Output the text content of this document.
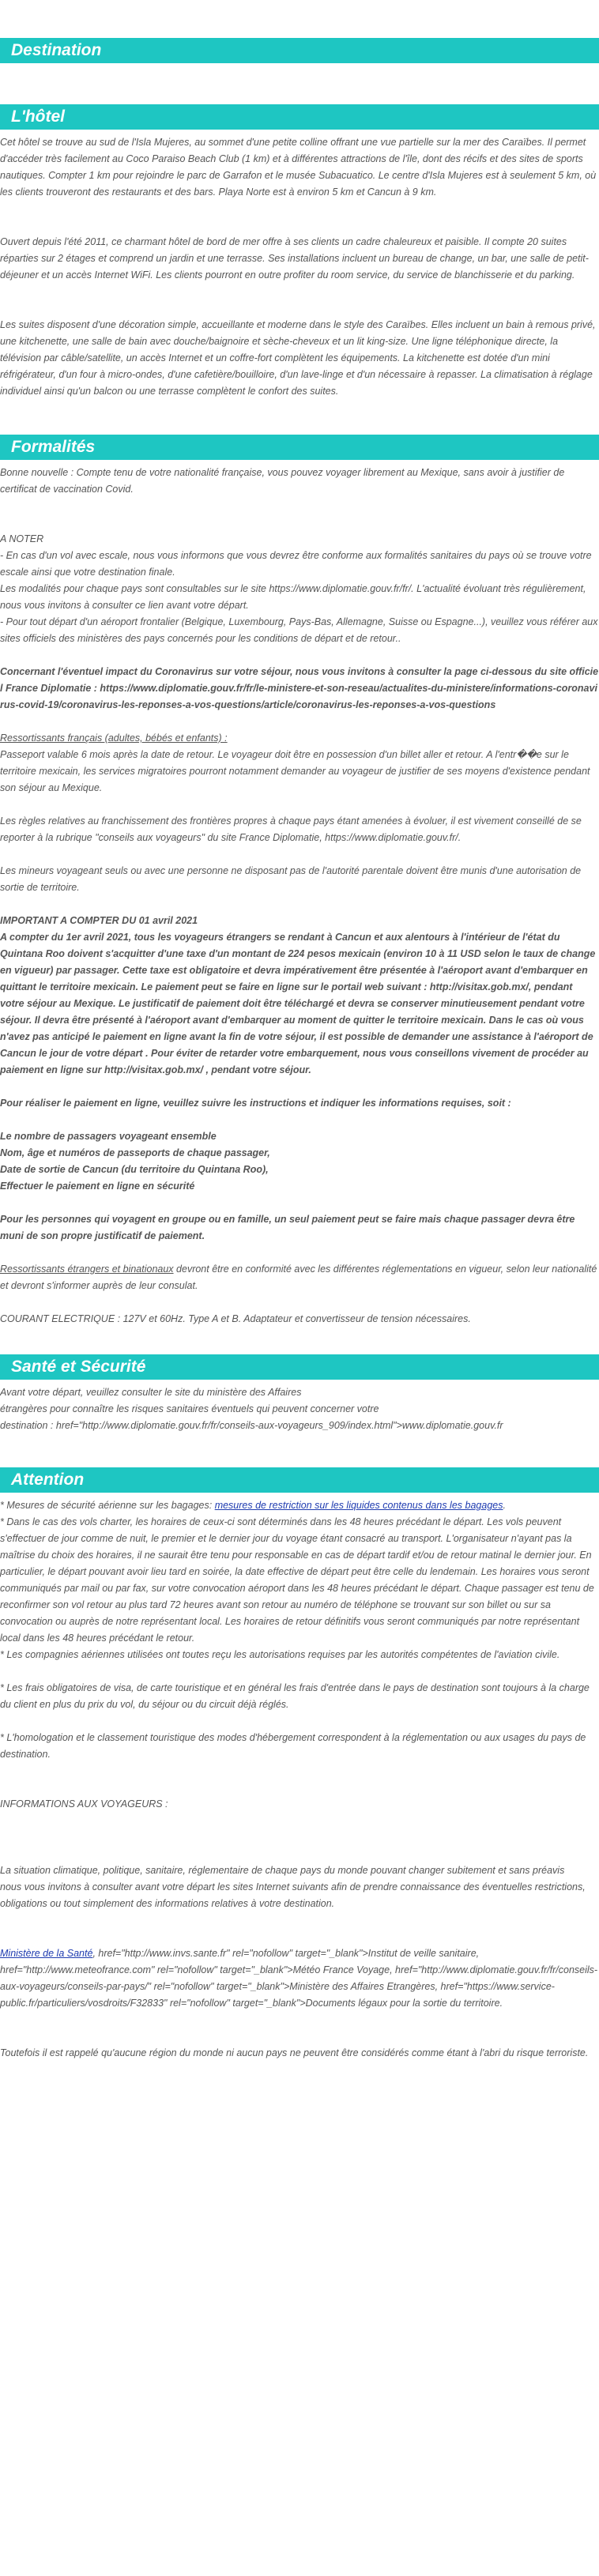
Destination
L'hôtel

Cet hôtel se trouve au sud de l'Isla Mujeres, au sommet d'une petite colline offrant une vue partielle sur la mer des Caraïbes. Il permet d'accéder très facilement au Coco Paraiso Beach Club (1 km) et à différentes attractions de l'île, dont des récifs et des sites de sports nautiques. Compter 1 km pour rejoindre le parc de Garrafon et le musée Subacuatico. Le centre d'Isla Mujeres est à seulement 5 km, où les clients trouveront des restaurants et des bars. Playa Norte est à environ 5 km et Cancun à 9 km.

Ouvert depuis l'été 2011, ce charmant hôtel de bord de mer offre à ses clients un cadre chaleureux et paisible. Il compte 20 suites réparties sur 2 étages et comprend un jardin et une terrasse. Ses installations incluent un bureau de change, un bar, une salle de petit-déjeuner et un accès Internet WiFi. Les clients pourront en outre profiter du room service, du service de blanchisserie et du parking.

Les suites disposent d'une décoration simple, accueillante et moderne dans le style des Caraïbes. Elles incluent un bain à remous privé, une kitchenette, une salle de bain avec douche/baignoire et sèche-cheveux et un lit king-size. Une ligne téléphonique directe, la télévision par câble/satellite, un accès Internet et un coffre-fort complètent les équipements. La kitchenette est dotée d'un mini réfrigérateur, d'un four à micro-ondes, d'une cafetière/bouilloire, d'un lave-linge et d'un nécessaire à repasser. La climatisation à réglage individuel ainsi qu'un balcon ou une terrasse complètent le confort des suites.

Formalités

Bonne nouvelle : Compte tenu de votre nationalité française, vous pouvez voyager librement au Mexique, sans avoir à justifier de certificat de vaccination Covid.

A NOTER

- En cas d'un vol avec escale, nous vous informons que vous devrez être conforme aux formalités sanitaires du pays où se trouve votre escale ainsi que votre destination finale.

Les modalités pour chaque pays sont consultables sur le site https://www.diplomatie.gouv.fr/fr/. L'actualité évoluant très régulièrement, nous vous invitons à consulter ce lien avant votre départ.

- Pour tout départ d'un aéroport frontalier (Belgique, Luxembourg, Pays-Bas, Allemagne, Suisse ou Espagne...), veuillez vous référer aux sites officiels des ministères des pays concernés pour les conditions de départ et de retour..

Concernant l'éventuel impact du Coronavirus sur votre séjour, nous vous invitons à consulter la page ci-dessous du site officiel France Diplomatie : https://www.diplomatie.gouv.fr/fr/le-ministere-et-son-reseau/actualites-du-ministere/informations-coronavirus-covid-19/coronavirus-les-reponses-a-vos-questions/article/coronavirus-les-reponses-a-vos-questions

Ressortissants français (adultes, bébés et enfants) :

Passeport valable 6 mois après la date de retour. Le voyageur doit être en possession d'un billet aller et retour. A l'entr��e sur le territoire mexicain, les services migratoires pourront notamment demander au voyageur de justifier de ses moyens d'existence pendant son séjour au Mexique.

Les règles relatives au franchissement des frontières propres à chaque pays étant amenées à évoluer, il est vivement conseillé de se reporter à la rubrique "conseils aux voyageurs" du site France Diplomatie, https://www.diplomatie.gouv.fr/.

Les mineurs voyageant seuls ou avec une personne ne disposant pas de l'autorité parentale doivent être munis d'une autorisation de sortie de territoire.

IMPORTANT A COMPTER DU 01 avril 2021

A compter du 1er avril 2021, tous les voyageurs étrangers se rendant à Cancun et aux alentours à l'intérieur de l'état du Quintana Roo doivent s'acquitter d'une taxe d'un montant de 224 pesos mexicain (environ 10 à 11 USD selon le taux de change en vigueur) par passager. Cette taxe est obligatoire et devra impérativement être présentée à l'aéroport avant d'embarquer en quittant le territoire mexicain. Le paiement peut se faire en ligne sur le portail web suivant : http://visitax.gob.mx/, pendant votre séjour au Mexique. Le justificatif de paiement doit être téléchargé et devra se conserver minutieusement pendant votre séjour. Il devra être présenté à l'aéroport avant d'embarquer au moment de quitter le territoire mexicain. Dans le cas où vous n'avez pas anticipé le paiement en ligne avant la fin de votre séjour, il est possible de demander une assistance à l'aéroport de Cancun le jour de votre départ . Pour éviter de retarder votre embarquement, nous vous conseillons vivement de procéder au paiement en ligne sur http://visitax.gob.mx/ , pendant votre séjour.

Pour réaliser le paiement en ligne, veuillez suivre les instructions et indiquer les informations requises, soit :

Le nombre de passagers voyageant ensemble

Nom, âge et numéros de passeports de chaque passager,

Date de sortie de Cancun (du territoire du Quintana Roo),

Effectuer le paiement en ligne en sécurité

Pour les personnes qui voyagent en groupe ou en famille, un seul paiement peut se faire mais chaque passager devra être muni de son propre justificatif de paiement.

Ressortissants étrangers et binationaux devront être en conformité avec les différentes réglementations en vigueur, selon leur nationalité et devront s'informer auprès de leur consulat.

COURANT ELECTRIQUE : 127V et 60Hz. Type A et B. Adaptateur et convertisseur de tension nécessaires.

Santé et Sécurité

Avant votre départ, veuillez consulter le site du ministère des Affaires

étrangères pour connaître les risques sanitaires éventuels qui peuvent concerner votre

destination : href="http://www.diplomatie.gouv.fr/fr/conseils-aux-voyageurs_909/index.html">www.diplomatie.gouv.fr

Attention

* Mesures de sécurité aérienne sur les bagages: mesures de restriction sur les liquides contenus dans les bagages.

* Dans le cas des vols charter, les horaires de ceux-ci sont déterminés dans les 48 heures précédant le départ. Les vols peuvent s'effectuer de jour comme de nuit, le premier et le dernier jour du voyage étant consacré au transport. L'organisateur n'ayant pas la maîtrise du choix des horaires, il ne saurait être tenu pour responsable en cas de départ tardif et/ou de retour matinal le dernier jour. En particulier, le départ pouvant avoir lieu tard en soirée, la date effective de départ peut être celle du lendemain. Les horaires vous seront communiqués par mail ou par fax, sur votre convocation aéroport dans les 48 heures précédant le départ. Chaque passager est tenu de reconfirmer son vol retour au plus tard 72 heures avant son retour au numéro de téléphone se trouvant sur son billet ou sur sa convocation ou auprès de notre représentant local. Les horaires de retour définitifs vous seront communiqués par notre représentant local dans les 48 heures précédant le retour.

* Les compagnies aériennes utilisées ont toutes reçu les autorisations requises par les autorités compétentes de l'aviation civile.

* Les frais obligatoires de visa, de carte touristique et en général les frais d'entrée dans le pays de destination sont toujours à la charge du client en plus du prix du vol, du séjour ou du circuit déjà réglés.

* L'homologation et le classement touristique des modes d'hébergement correspondent à la réglementation ou aux usages du pays de destination.

INFORMATIONS AUX VOYAGEURS :

La situation climatique, politique, sanitaire, réglementaire de chaque pays du monde pouvant changer subitement et sans préavis

nous vous invitons à consulter avant votre départ les sites Internet suivants afin de prendre connaissance des éventuelles restrictions, obligations ou tout simplement des informations relatives à votre destination.

Ministère de la Santé, href="http://www.invs.sante.fr" rel="nofollow" target="_blank">Institut de veille sanitaire, href="http://www.meteofrance.com" rel="nofollow" target="_blank">Météo France Voyage, href="http://www.diplomatie.gouv.fr/fr/conseils-aux-voyageurs/conseils-par-pays/" rel="nofollow" target="_blank">Ministère des Affaires Etrangères, href="https://www.service-public.fr/particuliers/vosdroits/F32833" rel="nofollow" target="_blank">Documents légaux pour la sortie du territoire.

Toutefois il est rappelé qu'aucune région du monde ni aucun pays ne peuvent être considérés comme étant à l'abri du risque terroriste.
